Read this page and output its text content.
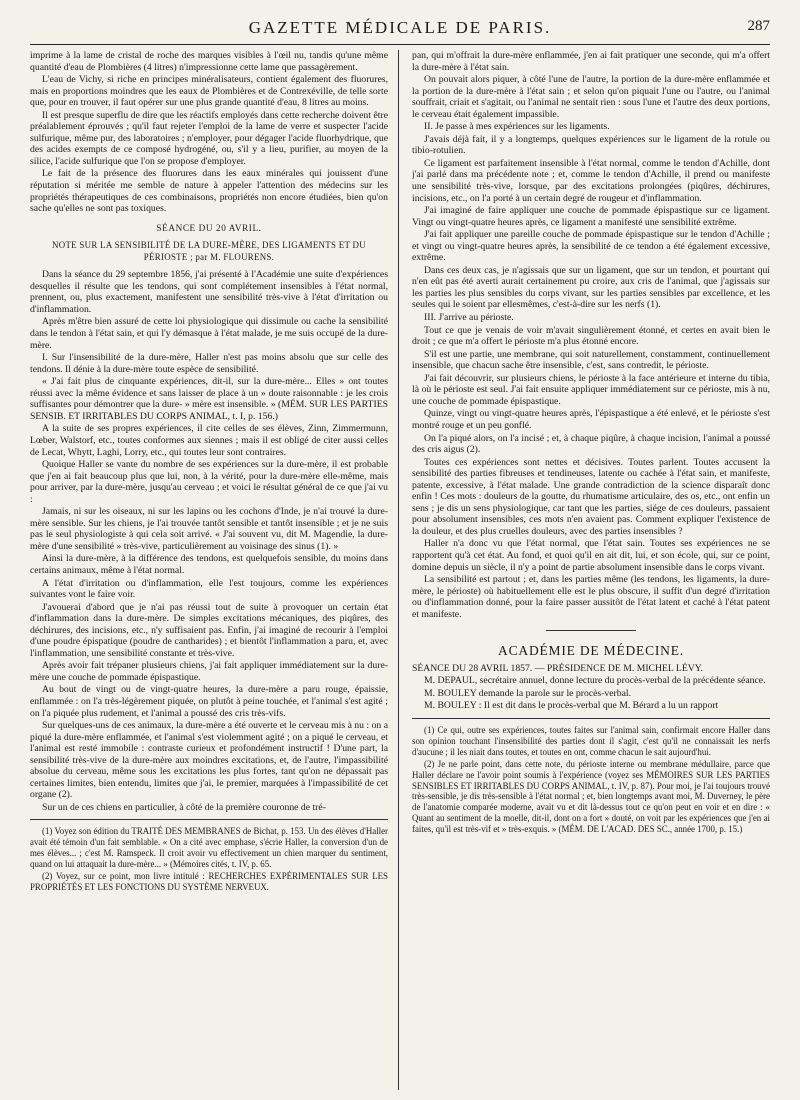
GAZETTE MÉDICALE DE PARIS.	287

imprime à la lame de cristal de roche des marques visibles à l'œil nu, tandis qu'une même quantité d'eau de Plombières (4 litres) n'impressionne cette lame que passagèrement.

L'eau de Vichy, si riche en principes minéralisateurs, contient également des fluorures, mais en proportions moindres que les eaux de Plombières et de Contrexéville, de telle sorte que, pour en trouver, il faut opérer sur une plus grande quantité d'eau, 8 litres au moins.

Il est presque superflu de dire que les réactifs employés dans cette recherche doivent être préalablement éprouvés ; qu'il faut rejeter l'emploi de la lame de verre et suspecter l'acide sulfurique, même pur, des laboratoires ; n'employer, pour dégager l'acide fluorhydrique, que des acides exempts de ce composé hydrogéné, ou, s'il y a lieu, purifier, au moyen de la silice, l'acide sulfurique que l'on se propose d'employer.

Le fait de la présence des fluorures dans les eaux minérales qui jouissent d'une réputation si méritée me semble de nature à appeler l'attention des médecins sur les propriétés thérapeutiques de ces combinaisons, propriétés non encore étudiées, bien qu'on sache qu'elles ne sont pas toxiques.

SÉANCE DU 20 AVRIL.
NOTE SUR LA SENSIBILITÉ DE LA DURE-MÈRE, DES LIGAMENTS ET DU PÉRIOSTE ; par M. FLOURENS.

Dans la séance du 29 septembre 1856, j'ai présenté à l'Académie une suite d'expériences desquelles il résulte que les tendons, qui sont complétement insensibles à l'état normal, prennent, ou, plus exactement, manifestent une sensibilité très-vive à l'état d'irritation ou d'inflammation.

Après m'être bien assuré de cette loi physiologique qui dissimule ou cache la sensibilité dans le tendon à l'état sain, et qui l'y démasque à l'état malade, je me suis occupé de la dure-mère.

I. Sur l'insensibilité de la dure-mère, Haller n'est pas moins absolu que sur celle des tendons. Il dénie à la dure-mère toute espèce de sensibilité.

« J'ai fait plus de cinquante expériences, dit-il, sur la dure-mère... Elles » ont toutes réussi avec la même évidence et sans laisser de place à un » doute raisonnable : je les crois suffisantes pour démontrer que la dure- » mère est insensible. » (MÉM. SUR LES PARTIES SENSIB. ET IRRITABLES DU CORPS ANIMAL, t. I, p. 156.)

A la suite de ses propres expériences, il cite celles de ses élèves, Zinn, Zimmermunn, Lœber, Walstorf, etc., toutes conformes aux siennes ; mais il est obligé de citer aussi celles de Lecat, Whytt, Laghi, Lorry, etc., qui toutes leur sont contraires.

Quoique Haller se vante du nombre de ses expériences sur la dure-mère, il est probable que j'en ai fait beaucoup plus que lui, non, à la vérité, pour la dure-mère elle-même, mais pour arriver, par la dure-mère, jusqu'au cerveau ; et voici le résultat général de ce que j'ai vu :

Jamais, ni sur les oiseaux, ni sur les lapins ou les cochons d'Inde, je n'ai trouvé la dure-mère sensible. Sur les chiens, je l'ai trouvée tantôt sensible et tantôt insensible ; et je ne suis pas le seul physiologiste à qui cela soit arrivé. « J'ai souvent vu, dit M. Magendie, la dure-mère d'une sensibilité » très-vive, particulièrement au voisinage des sinus (1). »

Ainsi la dure-mère, à la différence des tendons, est quelquefois sensible, du moins dans certains animaux, même à l'état normal.

A l'état d'irritation ou d'inflammation, elle l'est toujours, comme les expériences suivantes vont le faire voir.

J'avouerai d'abord que je n'ai pas réussi tout de suite à provoquer un certain état d'inflammation dans la dure-mère. De simples excitations mécaniques, des piqûres, des déchirures, des incisions, etc., n'y suffisaient pas. Enfin, j'ai imaginé de recourir à l'emploi d'une poudre épispatique (poudre de cantharides) ; et bientôt l'inflammation a paru, et, avec l'inflammation, une sensibilité constante et très-vive.

Après avoir fait trépaner plusieurs chiens, j'ai fait appliquer immédiatement sur la dure-mère une couche de pommade épispastique.

Au bout de vingt ou de vingt-quatre heures, la dure-mère a paru rouge, épaissie, enflammée : on l'a très-légèrement piquée, on plutôt à peine touchée, et l'animal s'est agité ; on l'a piquée plus rudement, et l'animal a poussé des cris très-vifs.

Sur quelques-uns de ces animaux, la dure-mère a été ouverte et le cerveau mis à nu : on a piqué la dure-mère enflammée, et l'animal s'est violemment agité ; on a piqué le cerveau, et l'animal est resté immobile : contraste curieux et profondément instructif ! D'une part, la sensibilité très-vive de la dure-mère aux moindres excitations, et, de l'autre, l'impassibilité absolue du cerveau, même sous les excitations les plus fortes, tant qu'on ne dépassait pas certaines limites, bien entendu, limites que j'ai, le premier, marquées à l'impassibilité de cet organe (2).

Sur un de ces chiens en particulier, à côté de la première couronne de tré-

(1) Voyez son édition du TRAITÉ DES MEMBRANES de Bichat, p. 153. Un des élèves d'Haller avait été témoin d'un fait semblable. « On a cité avec emphase, s'écrie Haller, la conversion d'un de mes élèves... ; c'est M. Ramspeck. Il croit avoir vu effectivement un chien marquer du sentiment, quand on lui attaquait la dure-mère... » (Mémoires cités, t. IV, p. 65.

(2) Voyez, sur ce point, mon livre intitulé : RECHERCHES EXPÉRIMENTALES SUR LES PROPRIÉTÉS ET LES FONCTIONS DU SYSTÈME NERVEUX.

pan, qui m'offrait la dure-mère enflammée, j'en ai fait pratiquer une seconde, qui m'a offert la dure-mère à l'état sain.

On pouvait alors piquer, à côté l'une de l'autre, la portion de la dure-mère enflammée et la portion de la dure-mère à l'état sain ; et selon qu'on piquait l'une ou l'autre, ou l'animal souffrait, criait et s'agitait, ou l'animal ne sentait rien : sous l'une et l'autre des deux portions, le cerveau était également impassible.

II. Je passe à mes expériences sur les ligaments.

J'avais déjà fait, il y a longtemps, quelques expériences sur le ligament de la rotule ou tibio-rotulien.

Ce ligament est parfaitement insensible à l'état normal, comme le tendon d'Achille, dont j'ai parlé dans ma précédente note ; et, comme le tendon d'Achille, il prend ou manifeste une sensibilité très-vive, lorsque, par des excitations prolongées (piqûres, déchirures, incisions, etc., on l'a porté à un certain degré de rougeur et d'inflammation.

J'ai imaginé de faire appliquer une couche de pommade épispastique sur ce ligament. Vingt ou vingt-quatre heures après, ce ligament a manifesté une sensibilité extrême.

J'ai fait appliquer une pareille couche de pommade épispastique sur le tendon d'Achille ; et vingt ou vingt-quatre heures après, la sensibilité de ce tendon a été également excessive, extrême.

Dans ces deux cas, je n'agissais que sur un ligament, que sur un tendon, et pourtant qui n'en eût pas été averti aurait certainement pu croire, aux cris de l'animal, que j'agissais sur les parties les plus sensibles du corps vivant, sur les parties sensibles par excellence, et les seules qui le soient par ellesmêmes, c'est-à-dire sur les nerfs (1).

III. J'arrive au périoste.

Tout ce que je venais de voir m'avait singulièrement étonné, et certes en avait bien le droit ; ce que m'a offert le périoste m'a plus étonné encore.

S'il est une partie, une membrane, qui soit naturellement, constamment, continuellement insensible, que chacun sache être insensible, c'est, sans contredit, le périoste.

J'ai fait découvrir, sur plusieurs chiens, le périoste à la face antérieure et interne du tibia, là où le périoste est seul. J'ai fait ensuite appliquer immédiatement sur ce périoste, mis à nu, une couche de pommade épispastique.

Quinze, vingt ou vingt-quatre heures après, l'épispastique a été enlevé, et le périoste s'est montré rouge et un peu gonflé.

On l'a piqué alors, on l'a incisé ; et, à chaque piqûre, à chaque incision, l'animal a poussé des cris aigus (2).

Toutes ces expériences sont nettes et décisives. Toutes parlent. Toutes accusent la sensibilité des parties fibreuses et tendineuses, latente ou cachée à l'état sain, et manifeste, patente, excessive, à l'état malade. Une grande contradiction de la science disparaît donc enfin ! Ces mots : douleurs de la goutte, du rhumatisme articulaire, des os, etc., ont enfin un sens ; je dis un sens physiologique, car tant que les parties, siége de ces douleurs, passaient pour absolument insensibles, ces mots n'en avaient pas. Comment expliquer l'existence de la douleur, et des plus cruelles douleurs, avec des parties insensibles ?

Haller n'a donc vu que l'état normal, que l'état sain. Toutes ses expériences ne se rapportent qu'à cet état. Au fond, et quoi qu'il en ait dit, lui, et son école, qui, sur ce point, domine depuis un siècle, il n'y a point de partie absolument insensible dans le corps vivant.

La sensibilité est partout ; et, dans les parties même (les tendons, les ligaments, la dure-mère, le périoste) où habituellement elle est le plus obscure, il suffit d'un degré d'irritation ou d'inflammation donné, pour la faire passer aussitôt de l'état latent et caché à l'état patent et manifeste.

ACADÉMIE DE MÉDECINE.

SÉANCE DU 28 AVRIL 1857. — PRÉSIDENCE DE M. MICHEL LÉVY.

M. DEPAUL, secrétaire annuel, donne lecture du procès-verbal de la précédente séance.

M. BOULEY demande la parole sur le procès-verbal.

M. BOULEY : Il est dit dans le procès-verbal que M. Bérard a lu un rapport

(1) Ce qui, outre ses expériences, toutes faites sur l'animal sain, confirmait encore Haller dans son opinion touchant l'insensibilité des parties dont il s'agit, c'est qu'il ne connaissait les nerfs d'aucune ; il les niait dans toutes, et toutes en ont, comme chacun le sait aujourd'hui.

(2) Je ne parle point, dans cette note, du périoste interne ou membrane médullaire, parce que Haller déclare ne l'avoir point soumis à l'expérience (voyez ses MÉMOIRES SUR LES PARTIES SENSIBLES ET IRRITABLES DU CORPS ANIMAL, t. IV, p. 87). Pour moi, je l'ai toujours trouvé très-sensible, je dis très-sensible à l'état normal ; et, bien longtemps avant moi, M. Duverney, le père de l'anatomie comparée moderne, avait vu et dit là-dessus tout ce qu'on peut en voir et en dire : « Quant au sentiment de la moelle, dit-il, dont on a fort » douté, on voit par les expériences que j'en ai faites, qu'il est très-vif et » très-exquis. » (MÉM. DE L'ACAD. DES SC., année 1700, p. 15.)
